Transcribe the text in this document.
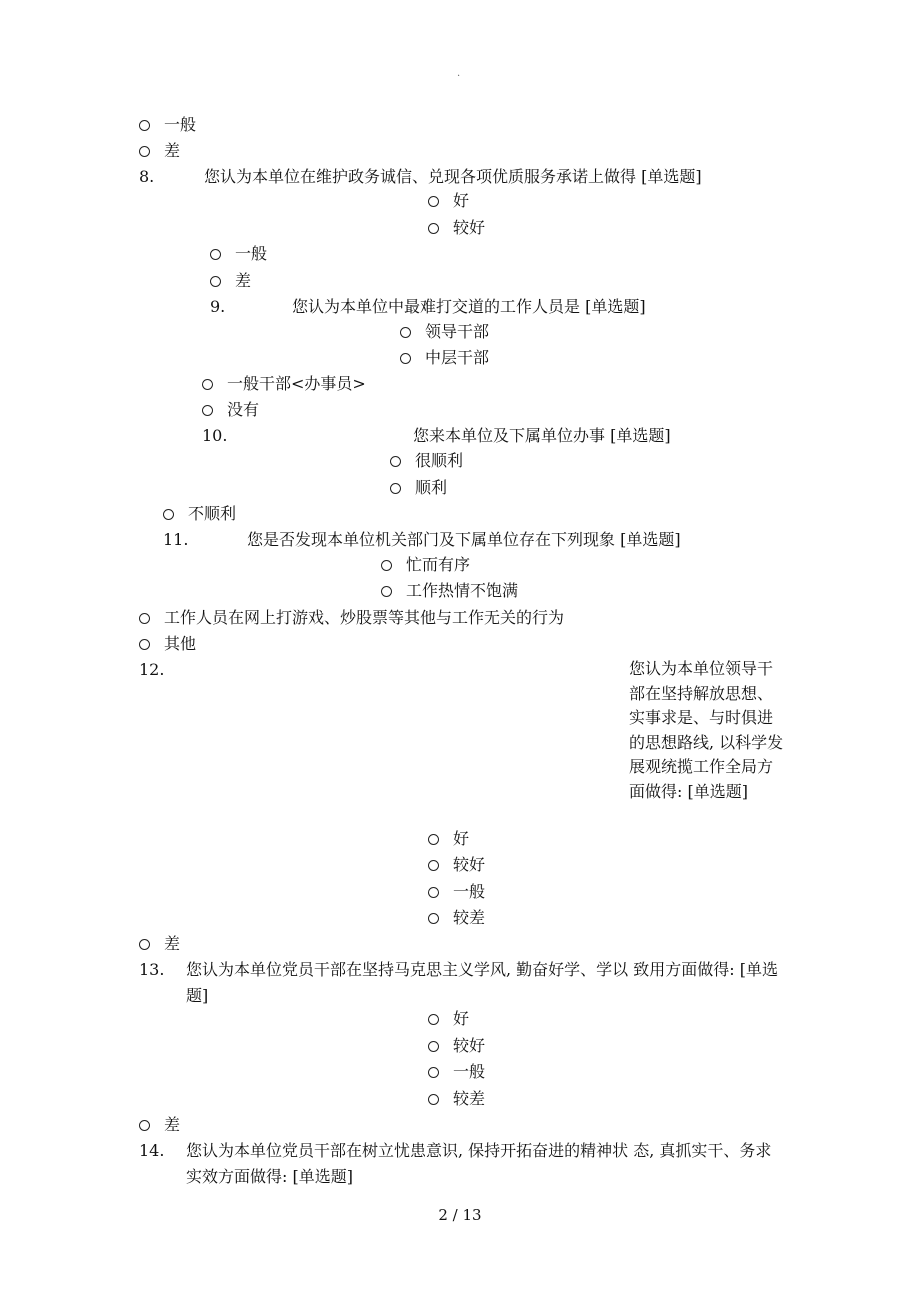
.
一般
差
8.	您认为本单位在维护政务诚信、兑现各项优质服务承诺上做得 [单选题]
好
较好
一般
差
9.	您认为本单位中最难打交道的工作人员是 [单选题]
领导干部
中层干部
一般干部<办事员>
没有
10.	您来本单位及下属单位办事 [单选题]
很顺利
顺利
不顺利
11.	您是否发现本单位机关部门及下属单位存在下列现象 [单选题]
忙而有序
工作热情不饱满
工作人员在网上打游戏、炒股票等其他与工作无关的行为
其他
12.	您认为本单位领导干部在坚持解放思想、实事求是、与时俱进的思想路线, 以科学发展观统揽工作全局方面做得: [单选题]
好
较好
一般
较差
差
13. 您认为本单位党员干部在坚持马克思主义学风, 勤奋好学、学以 致用方面做得: [单选题]
好
较好
一般
较差
差
14. 您认为本单位党员干部在树立忧患意识, 保持开拓奋进的精神状 态, 真抓实干、务求实效方面做得: [单选题]
2 / 13
